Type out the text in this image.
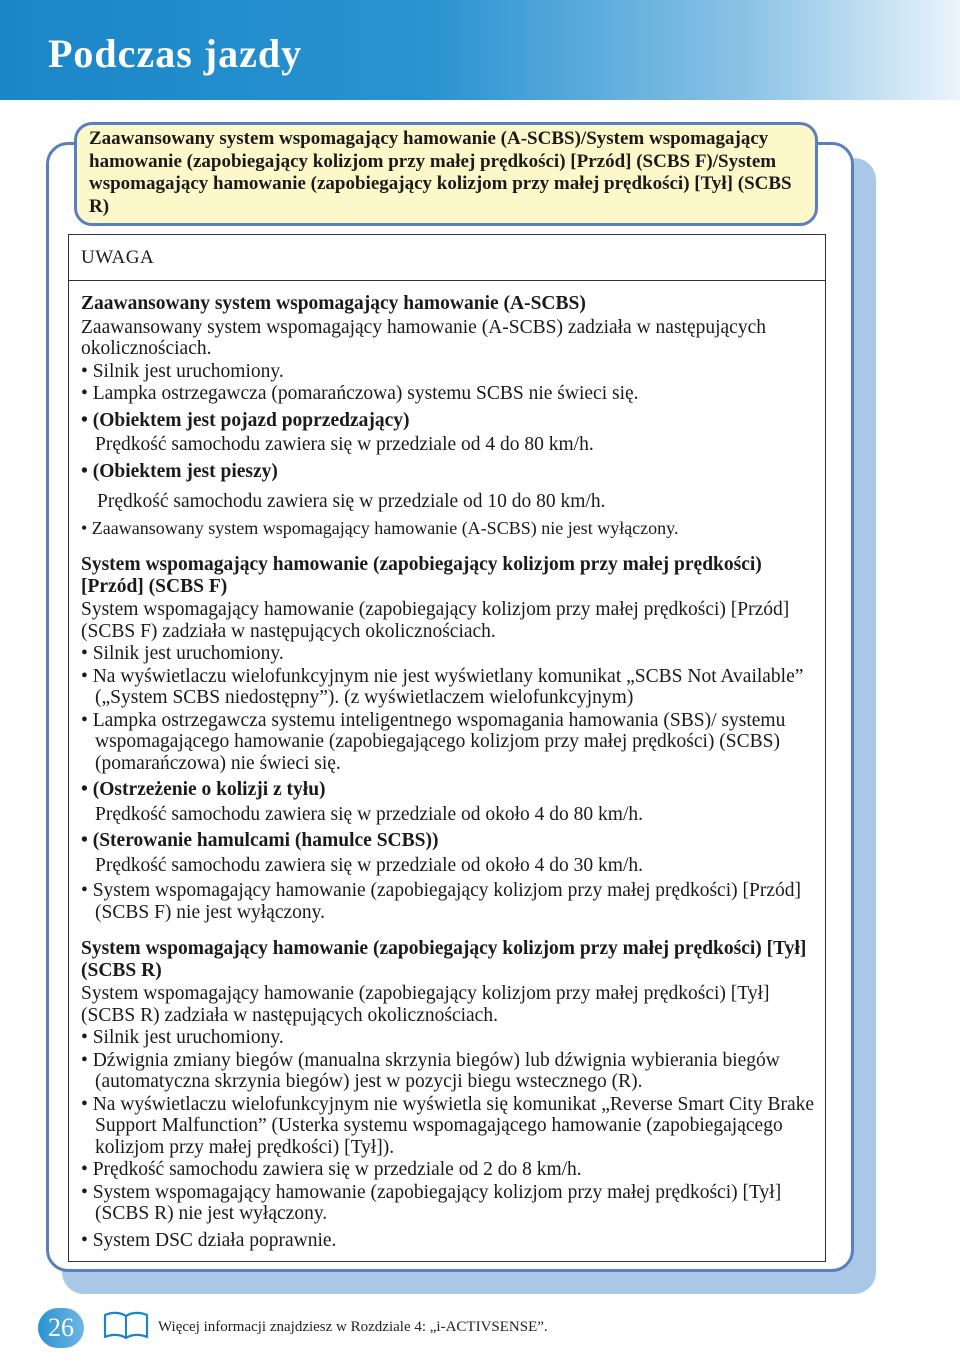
Podczas jazdy
Zaawansowany system wspomagający hamowanie (A-SCBS)/System wspomagający hamowanie (zapobiegający kolizjom przy małej prędkości) [Przód] (SCBS F)/System wspomagający hamowanie (zapobiegający kolizjom przy małej prędkości) [Tył] (SCBS R)
UWAGA
Zaawansowany system wspomagający hamowanie (A-SCBS)
Zaawansowany system wspomagający hamowanie (A-SCBS) zadziała w następujących okolicznościach.
• Silnik jest uruchomiony.
• Lampka ostrzegawcza (pomarańczowa) systemu SCBS nie świeci się.
• (Obiektem jest pojazd poprzedzający)
Prędkość samochodu zawiera się w przedziale od 4 do 80 km/h.
• (Obiektem jest pieszy)
Prędkość samochodu zawiera się w przedziale od 10 do 80 km/h.
• Zaawansowany system wspomagający hamowanie (A-SCBS) nie jest wyłączony.
System wspomagający hamowanie (zapobiegający kolizjom przy małej prędkości) [Przód] (SCBS F)
System wspomagający hamowanie (zapobiegający kolizjom przy małej prędkości) [Przód] (SCBS F) zadziała w następujących okolicznościach.
• Silnik jest uruchomiony.
• Na wyświetlaczu wielofunkcyjnym nie jest wyświetlany komunikat „SCBS Not Available” („System SCBS niedostępny”). (z wyświetlaczem wielofunkcyjnym)
• Lampka ostrzegawcza systemu inteligentnego wspomagania hamowania (SBS)/ systemu wspomagającego hamowanie (zapobiegającego kolizjom przy małej prędkości) (SCBS) (pomarańczowa) nie świeci się.
• (Ostrzeżenie o kolizji z tyłu)
Prędkość samochodu zawiera się w przedziale od około 4 do 80 km/h.
• (Sterowanie hamulcami (hamulce SCBS))
Prędkość samochodu zawiera się w przedziale od około 4 do 30 km/h.
• System wspomagający hamowanie (zapobiegający kolizjom przy małej prędkości) [Przód] (SCBS F) nie jest wyłączony.
System wspomagający hamowanie (zapobiegający kolizjom przy małej prędkości) [Tył] (SCBS R)
System wspomagający hamowanie (zapobiegający kolizjom przy małej prędkości) [Tył] (SCBS R) zadziała w następujących okolicznościach.
• Silnik jest uruchomiony.
• Dźwignia zmiany biegów (manualna skrzynia biegów) lub dźwignia wybierania biegów (automatyczna skrzynia biegów) jest w pozycji biegu wstecznego (R).
• Na wyświetlaczu wielofunkcyjnym nie wyświetla się komunikat „Reverse Smart City Brake Support Malfunction” (Usterka systemu wspomagającego hamowanie (zapobiegającego kolizjom przy małej prędkości) [Tył]).
• Prędkość samochodu zawiera się w przedziale od 2 do 8 km/h.
• System wspomagający hamowanie (zapobiegający kolizjom przy małej prędkości) [Tył] (SCBS R) nie jest wyłączony.
• System DSC działa poprawnie.
26	Więcej informacji znajdziesz w Rozdziale 4: „i-ACTIVSENSE”.
